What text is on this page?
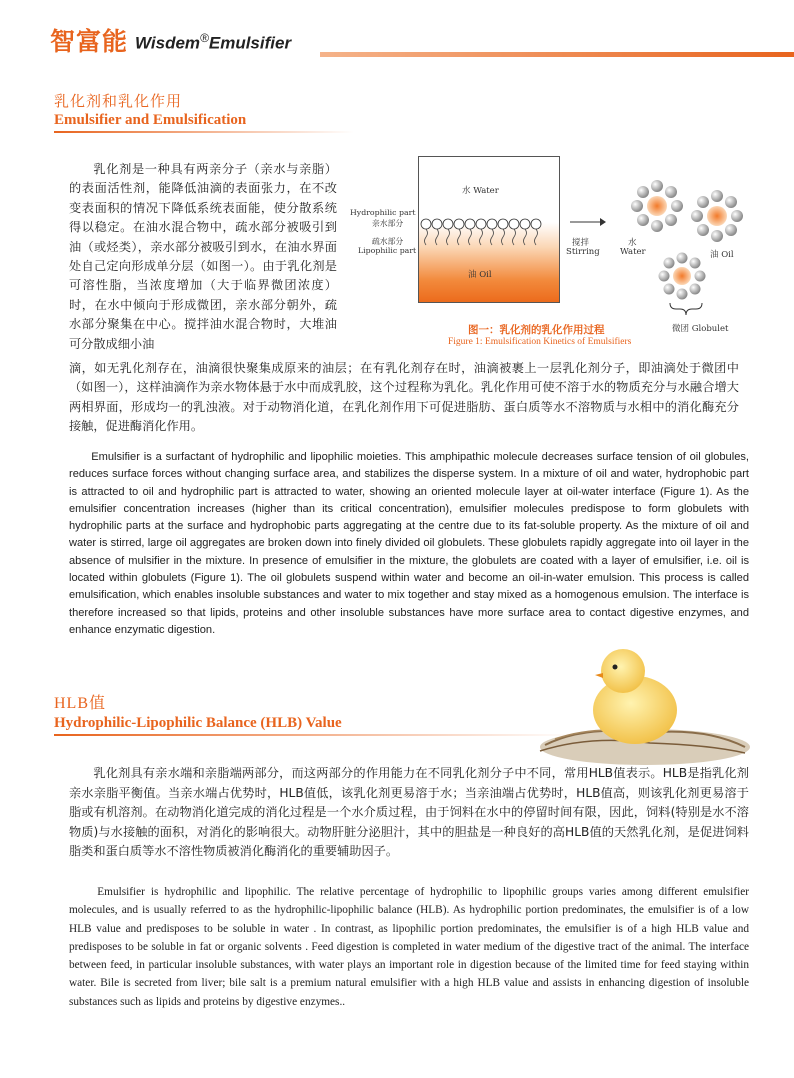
智富能 Wisdem®Emulsifier
乳化剂和乳化作用
Emulsifier and Emulsification
乳化剂是一种具有两亲分子（亲水与亲脂）的表面活性剂，能降低油滴的表面张力，在不改变表面积的情况下降低系统表面能，使分散系统得以稳定。在油水混合物中，疏水部分被吸引到油（或烃类），亲水部分被吸引到水，在油水界面处自己定向形成单分层（如图一）。由于乳化剂是可溶性脂，当浓度增加（大于临界微团浓度）时，在水中倾向于形成微团，亲水部分朝外，疏水部分聚集在中心。搅拌油水混合物时，大堆油可分散成细小油
滴，如无乳化剂存在，油滴很快聚集成原来的油层；在有乳化剂存在时，油滴被裹上一层乳化剂分子，即油滴处于微团中（如图一），这样油滴作为亲水物体悬于水中而成乳胶，这个过程称为乳化。乳化作用可使不溶于水的物质充分与水融合增大两相界面，形成均一的乳浊液。对于动物消化道，在乳化剂作用下可促进脂肪、蛋白质等水不溶物质与水相中的消化酶充分接触，促进酶消化作用。
水 Water
Hydrophilic part
亲水部分
疏水部分
Lipophilic part
油 Oil
搅拌
Stirring
水
Water	油 Oil
微团 Globulet
图一：乳化剂的乳化作用过程
Figure 1: Emulsification Kinetics of Emulsifiers
Emulsifier is a surfactant of hydrophilic and lipophilic moieties. This amphipathic molecule decreases surface tension of oil globules, reduces surface forces without changing surface area, and stabilizes the disperse system. In a mixture of oil and water, hydrophobic part is attracted to oil and hydrophilic part is attracted to water, showing an oriented molecule layer at oil-water interface (Figure 1). As the emulsifier concentration increases (higher than its critical concentration), emulsifier molecules predispose to form globulets with hydrophilic parts at the surface and hydrophobic parts aggregating at the centre due to its fat-soluble property. As the mixture of oil and water is stirred, large oil aggregates are broken down into finely divided oil globulets. These globulets rapidly aggregate into oil layer in the absence of mulsifier in the mixture. In presence of emulsifier in the mixture, the globulets are coated with a layer of emulsifier, i.e. oil is located within globulets (Figure 1). The oil globulets suspend within water and become an oil-in-water emulsion. This process is called emulsification, which enables insoluble substances and water to mix together and stay mixed as a homogenous emulsion. The interface is therefore increased so that lipids, proteins and other insoluble substances have more surface area to contact digestive enzymes, and enhance enzymatic digestion.
HLB值
Hydrophilic-Lipophilic Balance (HLB) Value
乳化剂具有亲水端和亲脂端两部分，而这两部分的作用能力在不同乳化剂分子中不同，常用HLB值表示。HLB是指乳化剂亲水亲脂平衡值。当亲水端占优势时，HLB值低，该乳化剂更易溶于水；当亲油端占优势时，HLB值高，则该乳化剂更易溶于脂或有机溶剂。在动物消化道完成的消化过程是一个水介质过程，由于饲料在水中的停留时间有限，因此，饲料(特别是水不溶物质)与水接触的面积，对消化的影响很大。动物肝脏分泌胆汁，其中的胆盐是一种良好的高HLB值的天然乳化剂，是促进饲料脂类和蛋白质等水不溶性物质被消化酶消化的重要辅助因子。
Emulsifier is hydrophilic and lipophilic. The relative percentage of hydrophilic to lipophilic groups varies among different emulsifier molecules, and is usually referred to as the hydrophilic-lipophilic balance (HLB). As hydrophilic portion predominates, the emulsifier is of a low HLB value and predisposes to be soluble in water . In contrast, as lipophilic portion predominates, the emulsifier is of a high HLB value and predisposes to be soluble in fat or organic solvents . Feed digestion is completed in water medium of the digestive tract of the animal. The interface between feed, in particular insoluble substances, with water plays an important role in digestion because of the limited time for feed staying within water. Bile is secreted from liver; bile salt is a premium natural emulsifier with a high HLB value and assists in enhancing digestion of insoluble substances such as lipids and proteins by digestive enzymes..
